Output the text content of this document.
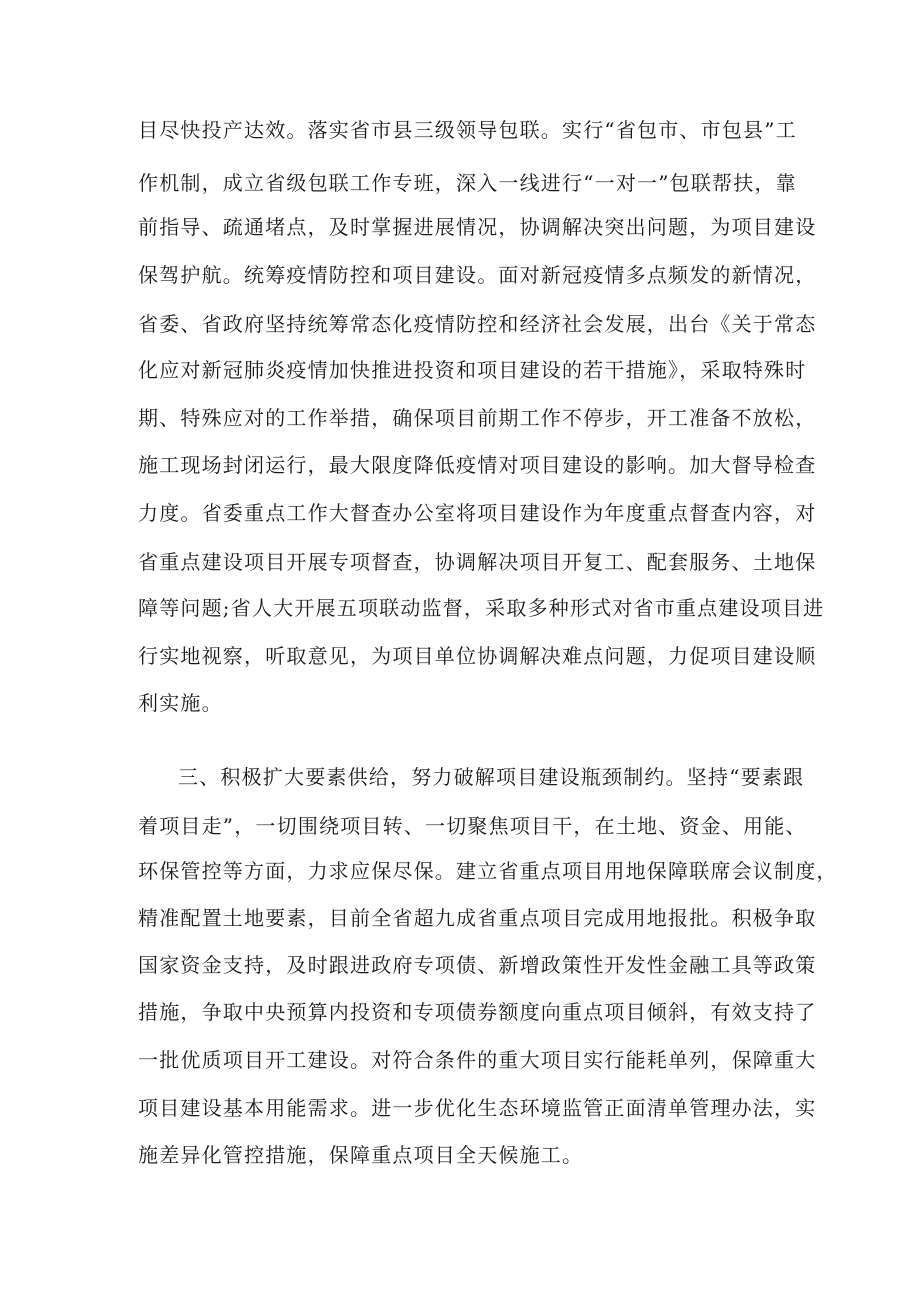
目尽快投产达效。落实省市县三级领导包联。实行“省包市、市包县”工
作机制，成立省级包联工作专班，深入一线进行“一对一”包联帮扶，靠
前指导、疏通堵点，及时掌握进展情况，协调解决突出问题，为项目建设
保驾护航。统筹疫情防控和项目建设。面对新冠疫情多点频发的新情况，
省委、省政府坚持统筹常态化疫情防控和经济社会发展，出台《关于常态
化应对新冠肺炎疫情加快推进投资和项目建设的若干措施》，采取特殊时
期、特殊应对的工作举措，确保项目前期工作不停步，开工准备不放松，
施工现场封闭运行，最大限度降低疫情对项目建设的影响。加大督导检查
力度。省委重点工作大督查办公室将项目建设作为年度重点督查内容，对
省重点建设项目开展专项督查，协调解决项目开复工、配套服务、土地保
障等问题;省人大开展五项联动监督，采取多种形式对省市重点建设项目进
行实地视察，听取意见，为项目单位协调解决难点问题，力促项目建设顺
利实施。
三、积极扩大要素供给，努力破解项目建设瓶颈制约。坚持“要素跟
着项目走”，一切围绕项目转、一切聚焦项目干，在土地、资金、用能、
环保管控等方面，力求应保尽保。建立省重点项目用地保障联席会议制度，
精准配置土地要素，目前全省超九成省重点项目完成用地报批。积极争取
国家资金支持，及时跟进政府专项债、新增政策性开发性金融工具等政策
措施，争取中央预算内投资和专项债券额度向重点项目倾斜，有效支持了
一批优质项目开工建设。对符合条件的重大项目实行能耗单列，保障重大
项目建设基本用能需求。进一步优化生态环境监管正面清单管理办法，实
施差异化管控措施，保障重点项目全天候施工。
